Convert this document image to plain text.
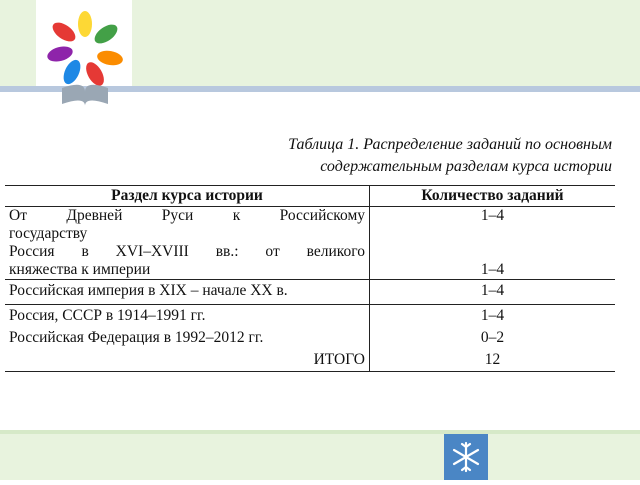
Таблица 1. Распределение заданий по основным
содержательным разделам курса истории
Раздел курса истории	Количество заданий

От Древней Руси к Российскому
государству	1–4

Россия в XVI–XVIII вв.: от великого
княжества к империи	1–4
Российская империя в XIX – начале XX в.	1–4
Россия, СССР в 1914–1991 гг.	1–4
Российская Федерация в 1992–2012 гг.	0–2
ИТОГО	12
